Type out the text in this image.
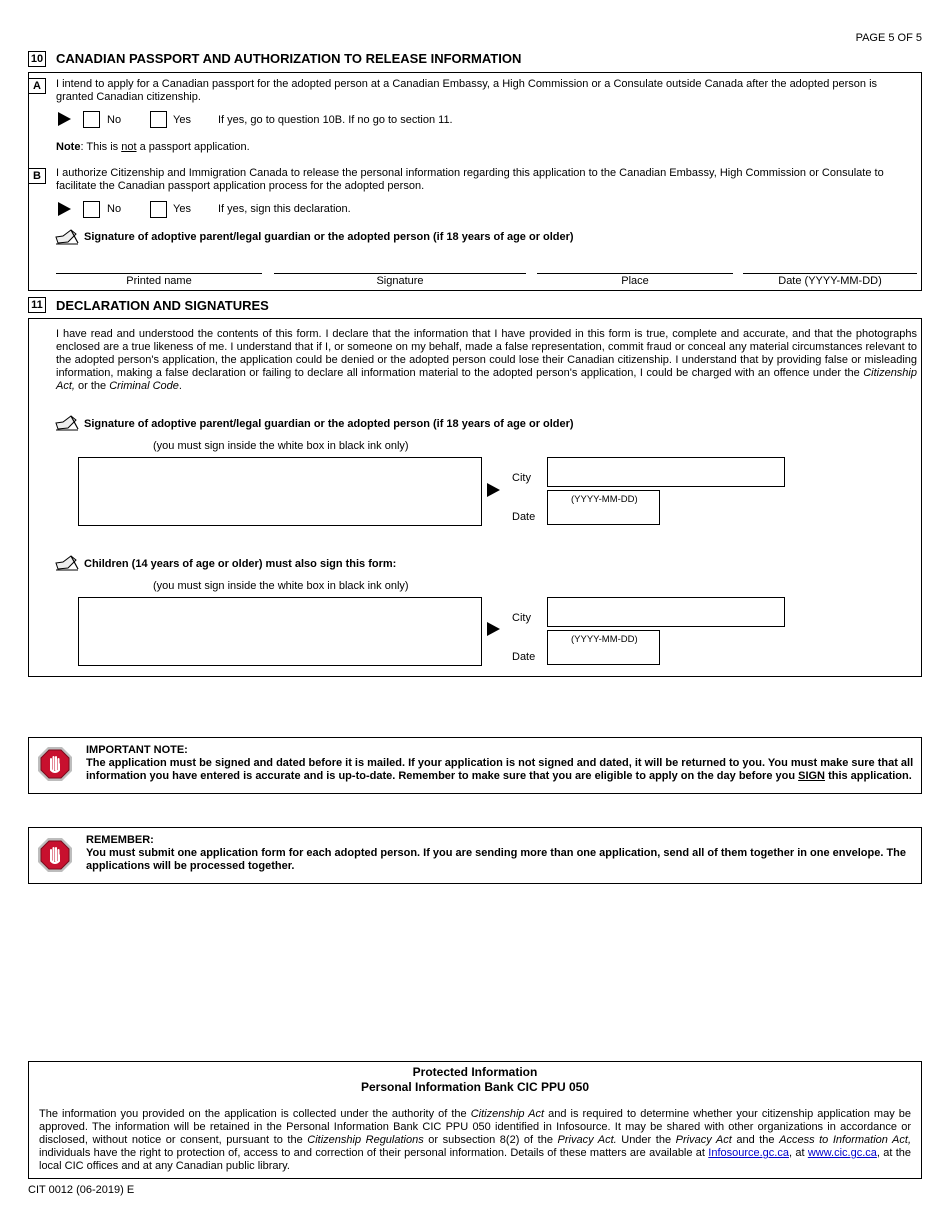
PAGE 5 OF 5
10 CANADIAN PASSPORT AND AUTHORIZATION TO RELEASE INFORMATION
A	I intend to apply for a Canadian passport for the adopted person at a Canadian Embassy, a High Commission or a Consulate outside Canada after the adopted person is granted Canadian citizenship.
No	Yes If yes, go to question 10B. If no go to section 11.
Note: This is not a passport application.
B	I authorize Citizenship and Immigration Canada to release the personal information regarding this application to the Canadian Embassy, High Commission or Consulate to facilitate the Canadian passport application process for the adopted person.
No	Yes If yes, sign this declaration.
Signature of adoptive parent/legal guardian or the adopted person (if 18 years of age or older)
Printed name	Signature	Place	Date (YYYY-MM-DD)
11 DECLARATION AND SIGNATURES
I have read and understood the contents of this form. I declare that the information that I have provided in this form is true, complete and accurate, and that the photographs enclosed are a true likeness of me. I understand that if I, or someone on my behalf, made a false representation, commit fraud or conceal any material circumstances relevant to the adopted person's application, the application could be denied or the adopted person could lose their Canadian citizenship. I understand that by providing false or misleading information, making a false declaration or failing to declare all information material to the adopted person's application, I could be charged with an offence under the Citizenship Act, or the Criminal Code.
Signature of adoptive parent/legal guardian or the adopted person (if 18 years of age or older)
(you must sign inside the white box in black ink only)
City
Date
(YYYY-MM-DD)
Children (14 years of age or older) must also sign this form:
(you must sign inside the white box in black ink only)
City
Date
(YYYY-MM-DD)
IMPORTANT NOTE:
The application must be signed and dated before it is mailed. If your application is not signed and dated, it will be returned to you. You must make sure that all information you have entered is accurate and is up-to-date. Remember to make sure that you are eligible to apply on the day before you SIGN this application.
REMEMBER:
You must submit one application form for each adopted person. If you are sending more than one application, send all of them together in one envelope. The applications will be processed together.
Protected Information
Personal Information Bank CIC PPU 050
The information you provided on the application is collected under the authority of the Citizenship Act and is required to determine whether your citizenship application may be approved. The information will be retained in the Personal Information Bank CIC PPU 050 identified in Infosource. It may be shared with other organizations in accordance or disclosed, without notice or consent, pursuant to the Citizenship Regulations or subsection 8(2) of the Privacy Act. Under the Privacy Act and the Access to Information Act, individuals have the right to protection of, access to and correction of their personal information. Details of these matters are available at Infosource.gc.ca, at www.cic.gc.ca, at the local CIC offices and at any Canadian public library.
CIT 0012 (06-2019) E
